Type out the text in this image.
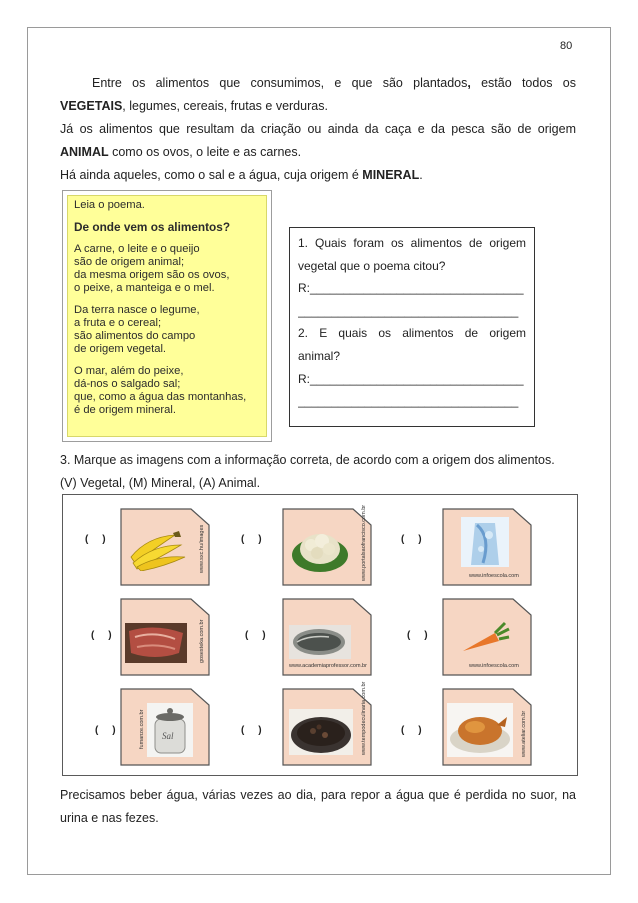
80

Entre os alimentos que consumimos, e que são plantados, estão todos os

VEGETAIS, legumes, cereais, frutas e verduras.

Já os alimentos que resultam da criação ou ainda da caça e da pesca são de origem

ANIMAL como os ovos, o leite e as carnes.

Há ainda aqueles, como o sal e a água, cuja origem é MINERAL.

Leia o poema.
De onde vem os alimentos?
A carne, o leite e o queijo
são de origem animal;
da mesma origem são os ovos,
o peixe, a manteiga e o mel.
Da terra nasce o legume,
a fruta e o cereal;
são alimentos do campo
de origem vegetal.
O mar, além do peixe,
dá-nos o salgado sal;
que, como a água das montanhas,
é de origem mineral.
1. Quais foram os alimentos de origem
vegetal que o poema citou?
R:________________________________
_________________________________
2. E quais os alimentos de origem
animal?
R:________________________________
_________________________________

3. Marque as imagens com a informação correta, de acordo com a origem dos alimentos.

(V) Vegetal, (M) Mineral, (A) Animal.

(     )	www.sxc.hu/images	(     )	www.portalsaofrancisco.com.br	(     )
www.infoescola.com
(     )	gosesteka.com.br	(     )
www.academiaprofessor.com.br
(     )
www.infoescola.com
(     )	Sal
fumanze.com.br	(     )	www.tempodeculinaria.com.br	(     )	www.ateliar.com.br

Precisamos beber água, várias vezes ao dia, para repor a água que é perdida no suor, na

urina e nas fezes.
